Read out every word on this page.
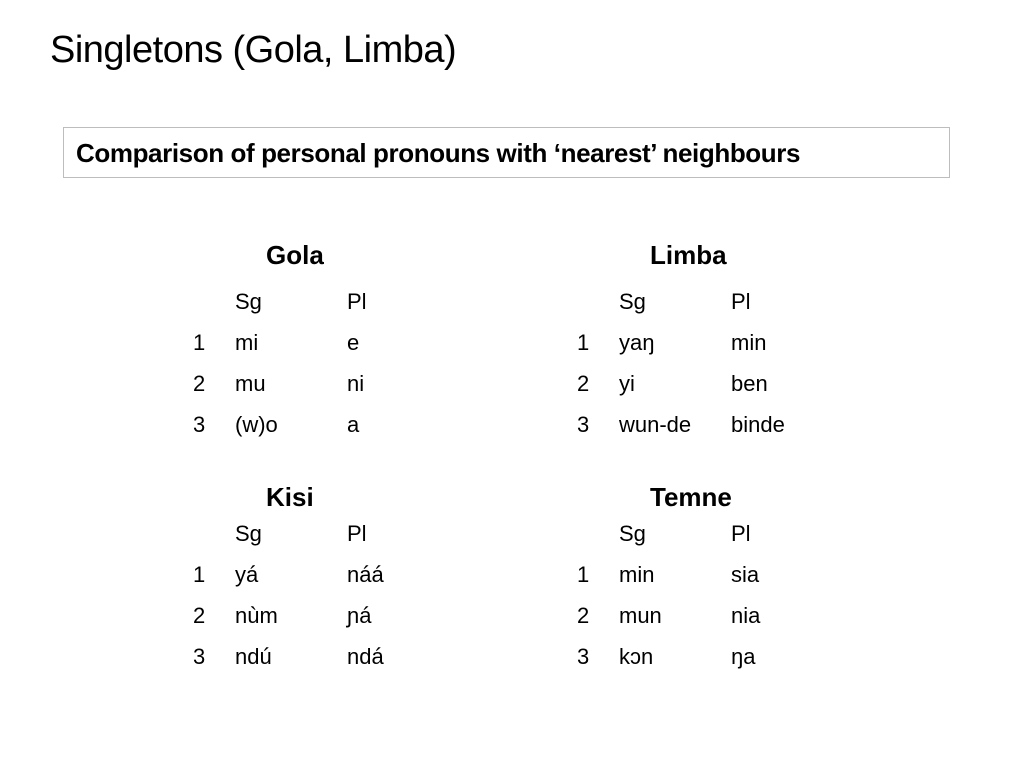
Singletons (Gola, Limba)
Comparison of personal pronouns with ‘nearest’ neighbours
Gola
	Sg	Pl
1	mi	e
2	mu	ni
3	(w)o	a
Limba
	Sg	Pl
1	yaŋ	min
2	yi	ben
3	wun-de	binde
Kisi
	Sg	Pl
1	yá	náá
2	nùm	ɲá
3	ndú	ndá
Temne
	Sg	Pl
1	min	sia
2	mun	nia
3	kɔn	ŋa
